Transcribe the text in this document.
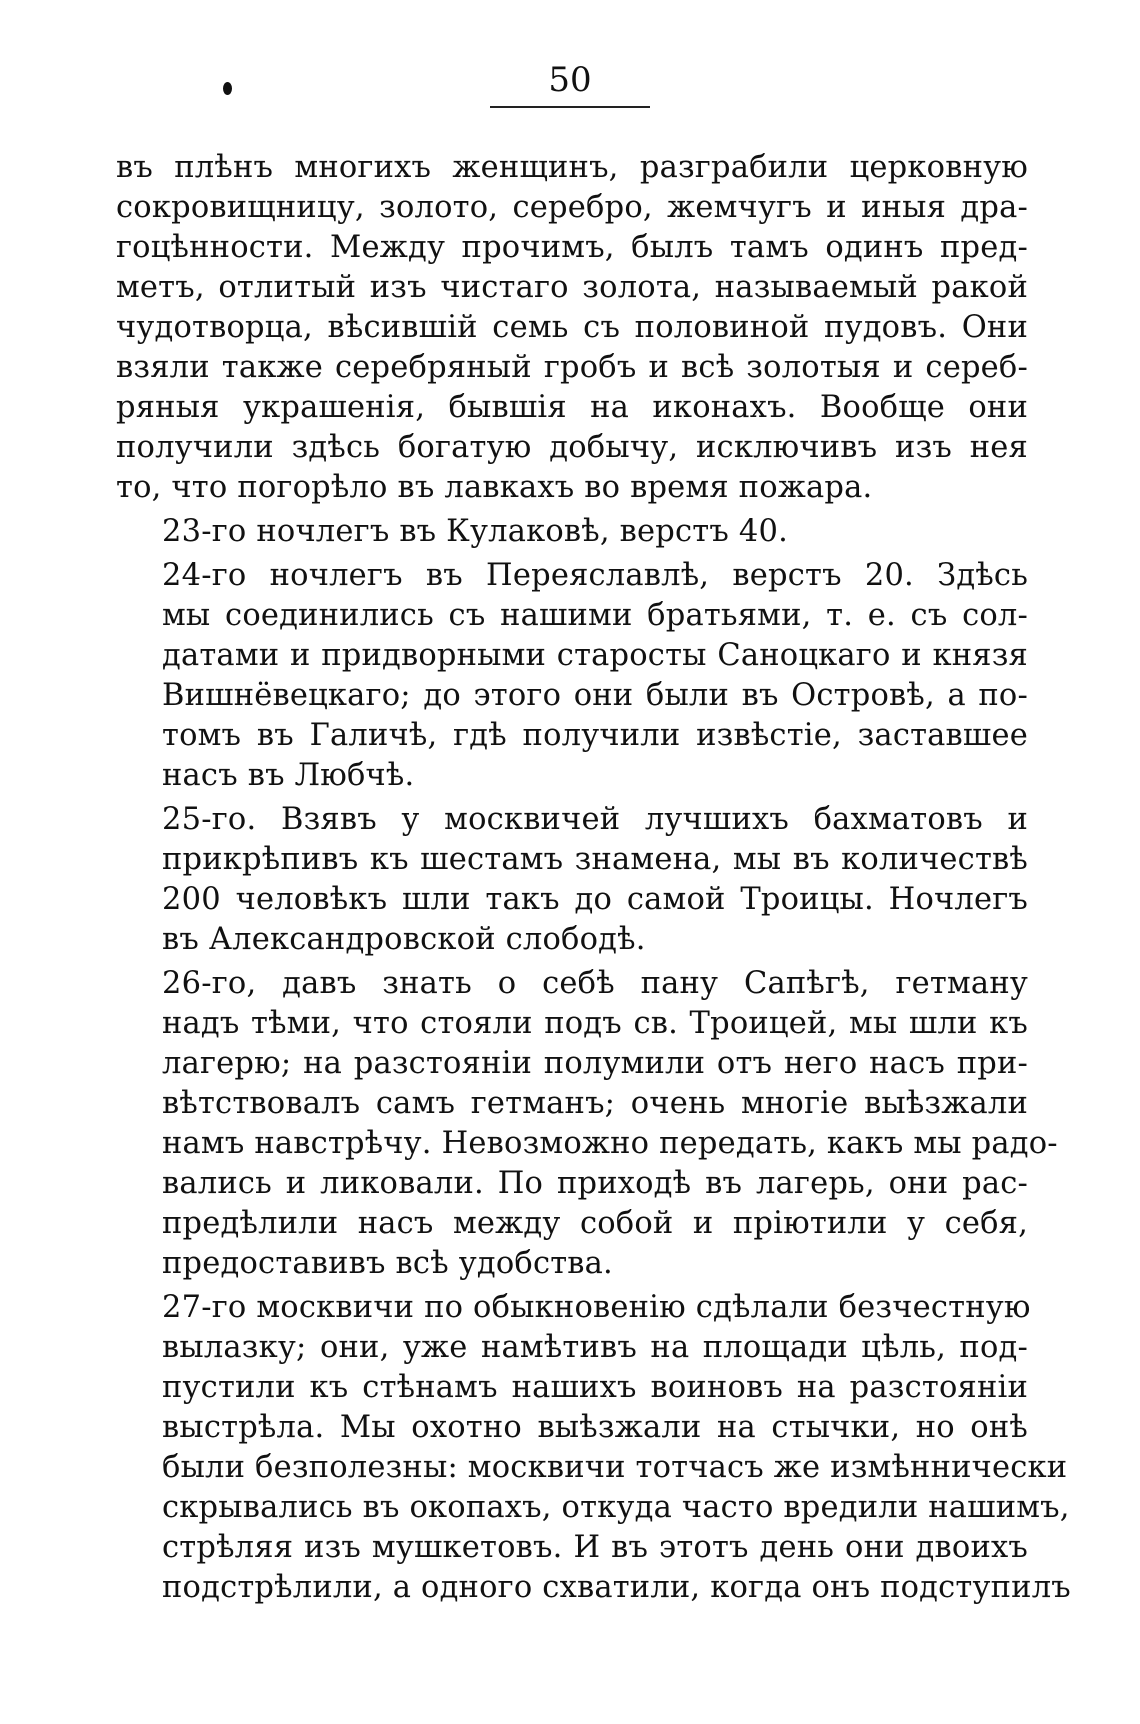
50
въ плѣнъ многихъ женщинъ, разграбили церковную
сокровищницу, золото, серебро, жемчугъ и иныя дра-
гоцѣнности. Между прочимъ, былъ тамъ одинъ пред-
метъ, отлитый изъ чистаго золота, называемый ракой
чудотворца, вѣсившій семь съ половиной пудовъ. Они
взяли также серебряный гробъ и всѣ золотыя и сереб-
ряныя украшенія, бывшія на иконахъ. Вообще они
получили здѣсь богатую добычу, исключивъ изъ нея
то, что погорѣло въ лавкахъ во время пожара.
23-го ночлегъ въ Кулаковѣ, верстъ 40.
24-го ночлегъ въ Переяславлѣ, верстъ 20. Здѣсь
мы соединились съ нашими братьями, т. е. съ сол-
датами и придворными старосты Саноцкаго и князя
Вишнёвецкаго; до этого они были въ Островѣ, а по-
томъ въ Галичѣ, гдѣ получили извѣстіе, заставшее
насъ въ Любчѣ.
25-го. Взявъ у москвичей лучшихъ бахматовъ и
прикрѣпивъ къ шестамъ знамена, мы въ количествѣ
200 человѣкъ шли такъ до самой Троицы. Ночлегъ
въ Александровской слободѣ.
26-го, давъ знать о себѣ пану Сапѣгѣ, гетману
надъ тѣми, что стояли подъ св. Троицей, мы шли къ
лагерю; на разстояніи полумили отъ него насъ при-
вѣтствовалъ самъ гетманъ; очень многіе выѣзжали
намъ навстрѣчу. Невозможно передать, какъ мы радо-
вались и ликовали. По приходѣ въ лагерь, они рас-
предѣлили насъ между собой и пріютили у себя,
предоставивъ всѣ удобства.
27-го москвичи по обыкновенію сдѣлали безчестную
вылазку; они, уже намѣтивъ на площади цѣль, под-
пустили къ стѣнамъ нашихъ воиновъ на разстояніи
выстрѣла. Мы охотно выѣзжали на стычки, но онѣ
были безполезны: москвичи тотчасъ же измѣннически
скрывались въ окопахъ, откуда часто вредили нашимъ,
стрѣляя изъ мушкетовъ. И въ этотъ день они двоихъ
подстрѣлили, а одного схватили, когда онъ подступилъ
